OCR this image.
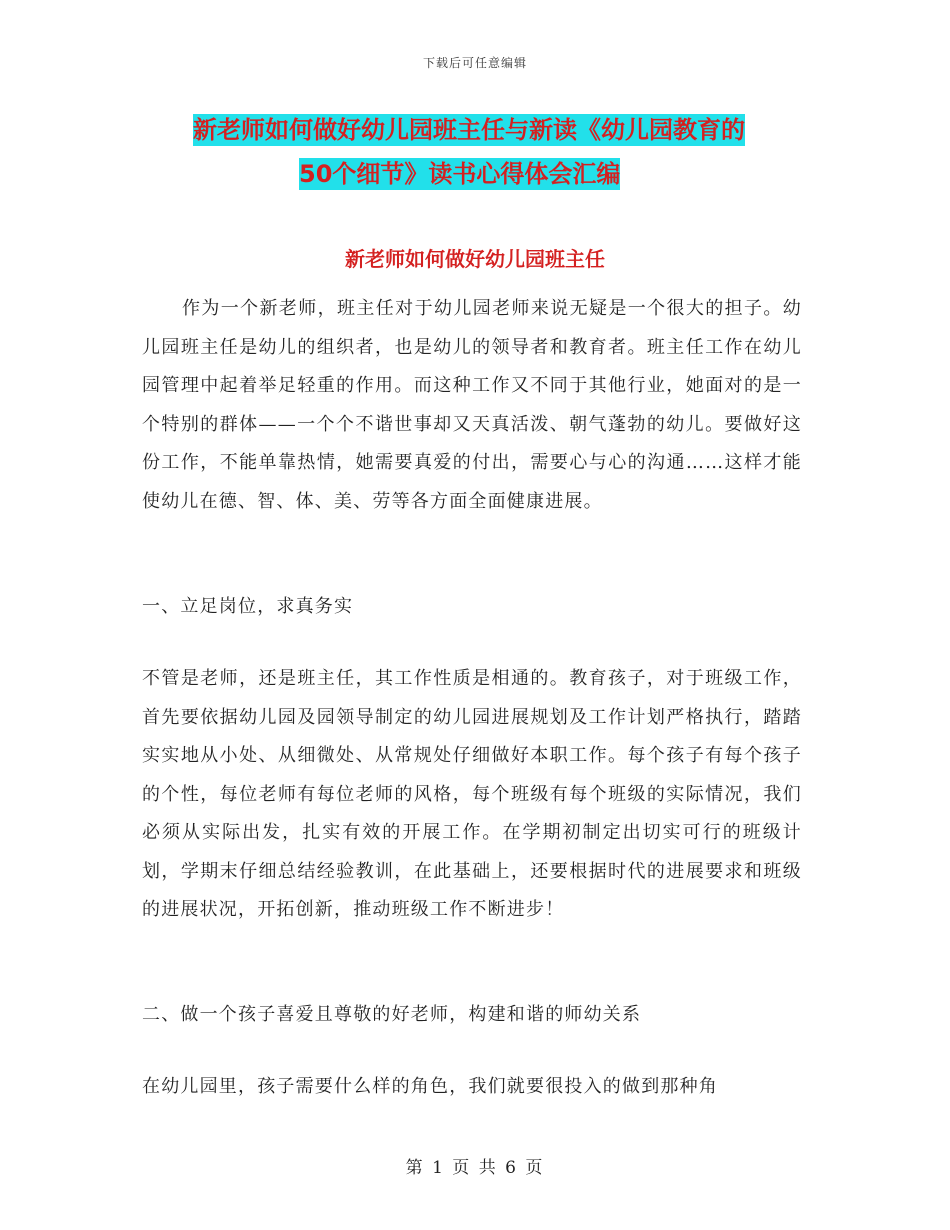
下载后可任意编辑
新老师如何做好幼儿园班主任与新读《幼儿园教育的
50个细节》读书心得体会汇编
新老师如何做好幼儿园班主任
作为一个新老师，班主任对于幼儿园老师来说无疑是一个很大的担子。幼儿园班主任是幼儿的组织者，也是幼儿的领导者和教育者。班主任工作在幼儿园管理中起着举足轻重的作用。而这种工作又不同于其他行业，她面对的是一个特别的群体——一个个不谐世事却又天真活泼、朝气蓬勃的幼儿。要做好这份工作，不能单靠热情，她需要真爱的付出，需要心与心的沟通……这样才能使幼儿在德、智、体、美、劳等各方面全面健康进展。
一、立足岗位，求真务实
不管是老师，还是班主任，其工作性质是相通的。教育孩子，对于班级工作，首先要依据幼儿园及园领导制定的幼儿园进展规划及工作计划严格执行，踏踏实实地从小处、从细微处、从常规处仔细做好本职工作。每个孩子有每个孩子的个性，每位老师有每位老师的风格，每个班级有每个班级的实际情况，我们必须从实际出发，扎实有效的开展工作。在学期初制定出切实可行的班级计划，学期末仔细总结经验教训，在此基础上，还要根据时代的进展要求和班级的进展状况，开拓创新，推动班级工作不断进步！
二、做一个孩子喜爱且尊敬的好老师，构建和谐的师幼关系
在幼儿园里，孩子需要什么样的角色，我们就要很投入的做到那种角
第 1 页 共 6 页
